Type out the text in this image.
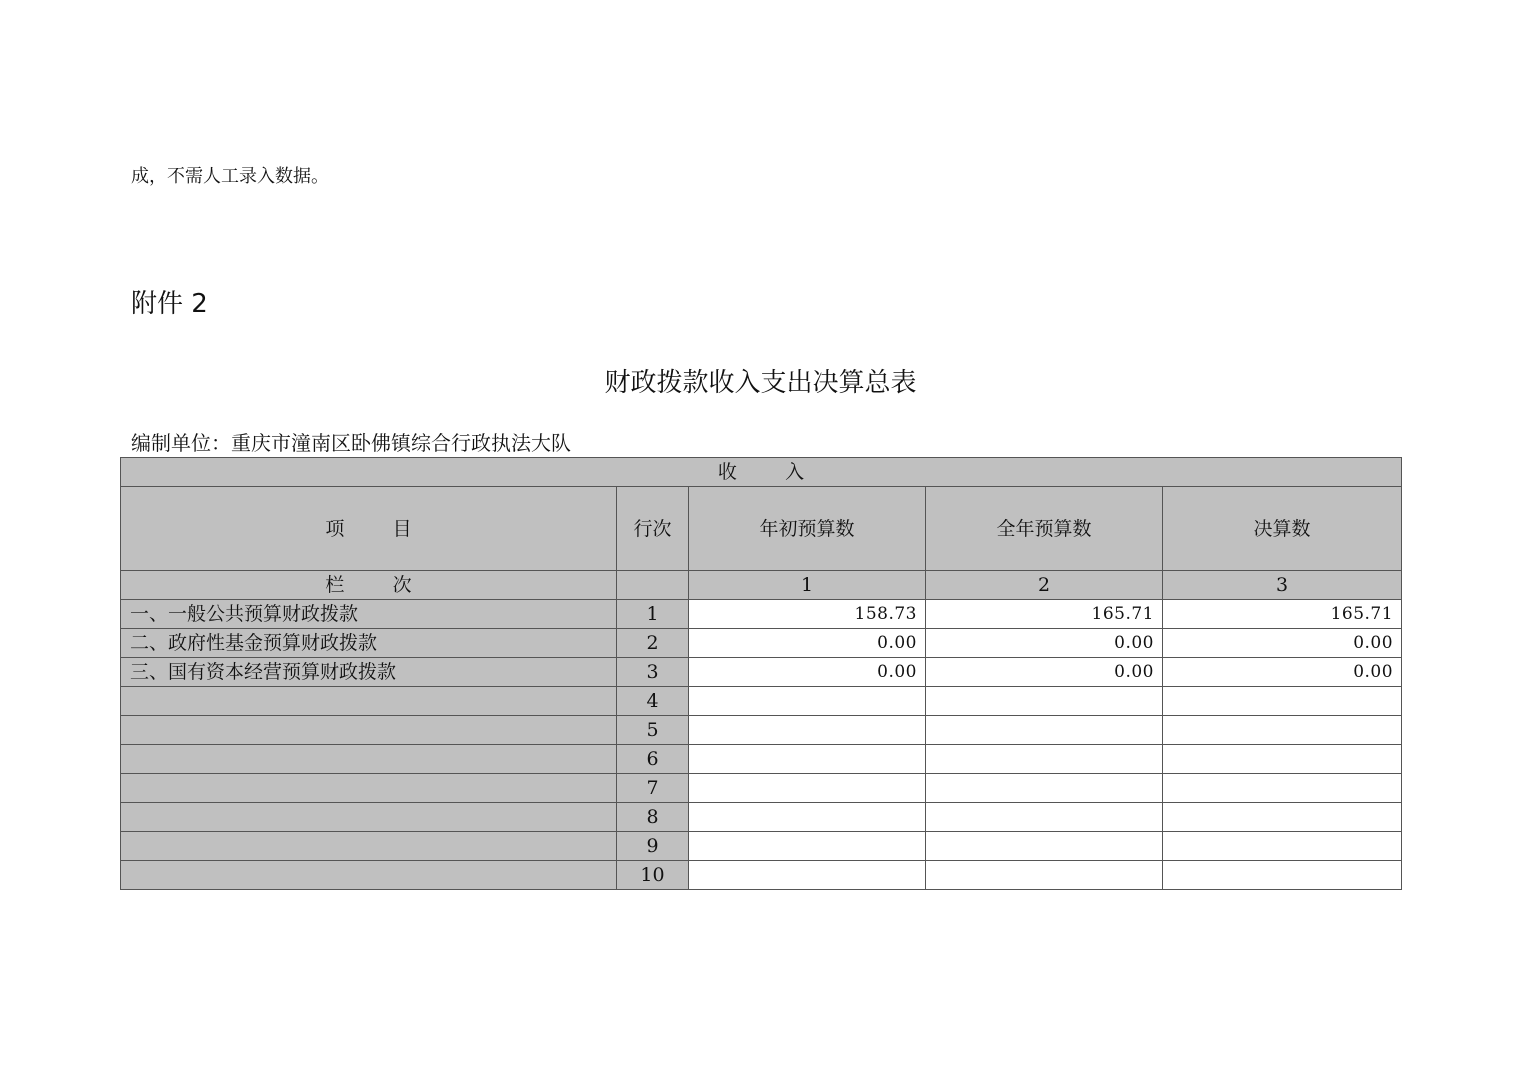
成，不需人工录入数据。
附件 2
财政拨款收入支出决算总表
编制单位：重庆市潼南区卧佛镇综合行政执法大队
收        入				
项        目	行次	年初预算数	全年预算数	决算数
栏        次		1	2	3
一、一般公共预算财政拨款	1	158.73	165.71	165.71
二、政府性基金预算财政拨款	2	0.00	0.00	0.00
三、国有资本经营预算财政拨款	3	0.00	0.00	0.00
	4			
	5			
	6			
	7			
	8			
	9			
	10			
